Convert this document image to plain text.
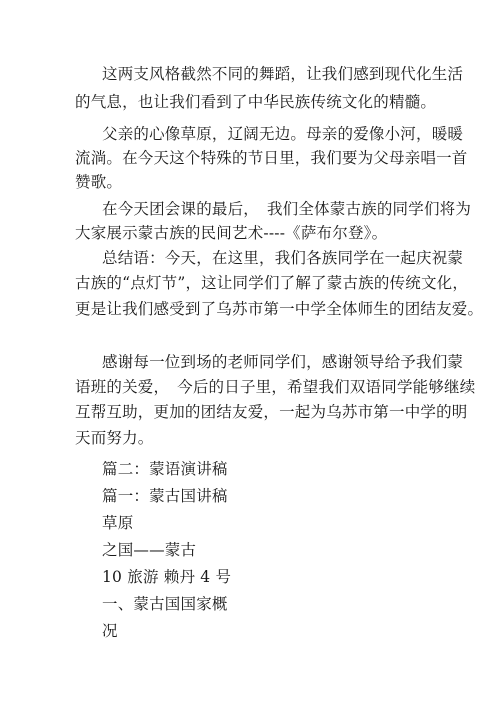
这两支风格截然不同的舞蹈，让我们感到现代化生活
的气息，也让我们看到了中华民族传统文化的精髓。
父亲的心像草原，辽阔无边。母亲的爱像小河，暖暖
流淌。在今天这个特殊的节日里，我们要为父母亲唱一首
赞歌。
在今天团会课的最后，　我们全体蒙古族的同学们将为
大家展示蒙古族的民间艺术----《萨布尔登》。
总结语：今天，在这里，我们各族同学在一起庆祝蒙
古族的“点灯节”，这让同学们了解了蒙古族的传统文化，
更是让我们感受到了乌苏市第一中学全体师生的团结友爱。
感谢每一位到场的老师同学们，感谢领导给予我们蒙
语班的关爱，　今后的日子里，希望我们双语同学能够继续
互帮互助，更加的团结友爱，一起为乌苏市第一中学的明
天而努力。
篇二：蒙语演讲稿
篇一：蒙古国讲稿
草原
之国——蒙古
10 旅游 赖丹 4 号
一、蒙古国国家概
况
